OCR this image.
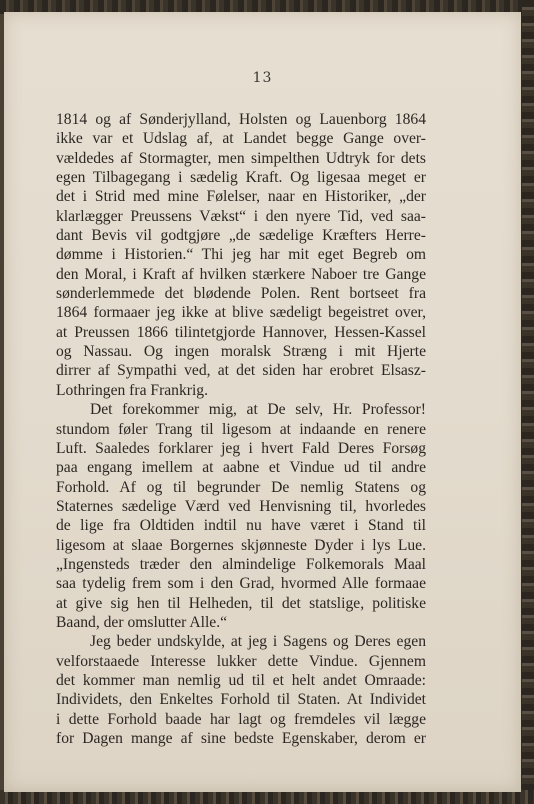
13
1814 og af Sønderjylland, Holsten og Lauenborg 1864
ikke var et Udslag af, at Landet begge Gange over-
vældedes af Stormagter, men simpelthen Udtryk for dets
egen Tilbagegang i sædelig Kraft. Og ligesaa meget er
det i Strid med mine Følelser, naar en Historiker, „der
klarlægger Preussens Vækst“ i den nyere Tid, ved saa-
dant Bevis vil godtgjøre „de sædelige Kræfters Herre-
dømme i Historien.“ Thi jeg har mit eget Begreb om
den Moral, i Kraft af hvilken stærkere Naboer tre Gange
sønderlemmede det blødende Polen. Rent bortseet fra
1864 formaaer jeg ikke at blive sædeligt begeistret over,
at Preussen 1866 tilintetgjorde Hannover, Hessen-Kassel
og Nassau. Og ingen moralsk Stræng i mit Hjerte
dirrer af Sympathi ved, at det siden har erobret Elsasz-
Lothringen fra Frankrig.
Det forekommer mig, at De selv, Hr. Professor!
stundom føler Trang til ligesom at indaande en renere
Luft. Saaledes forklarer jeg i hvert Fald Deres Forsøg
paa engang imellem at aabne et Vindue ud til andre
Forhold. Af og til begrunder De nemlig Statens og
Staternes sædelige Værd ved Henvisning til, hvorledes
de lige fra Oldtiden indtil nu have været i Stand til
ligesom at slaae Borgernes skjønneste Dyder i lys Lue.
„Ingensteds træder den almindelige Folkemorals Maal
saa tydelig frem som i den Grad, hvormed Alle formaae
at give sig hen til Helheden, til det statslige, politiske
Baand, der omslutter Alle.“
Jeg beder undskylde, at jeg i Sagens og Deres egen
velforstaaede Interesse lukker dette Vindue. Gjennem
det kommer man nemlig ud til et helt andet Omraade:
Individets, den Enkeltes Forhold til Staten. At Individet
i dette Forhold baade har lagt og fremdeles vil lægge
for Dagen mange af sine bedste Egenskaber, derom er
